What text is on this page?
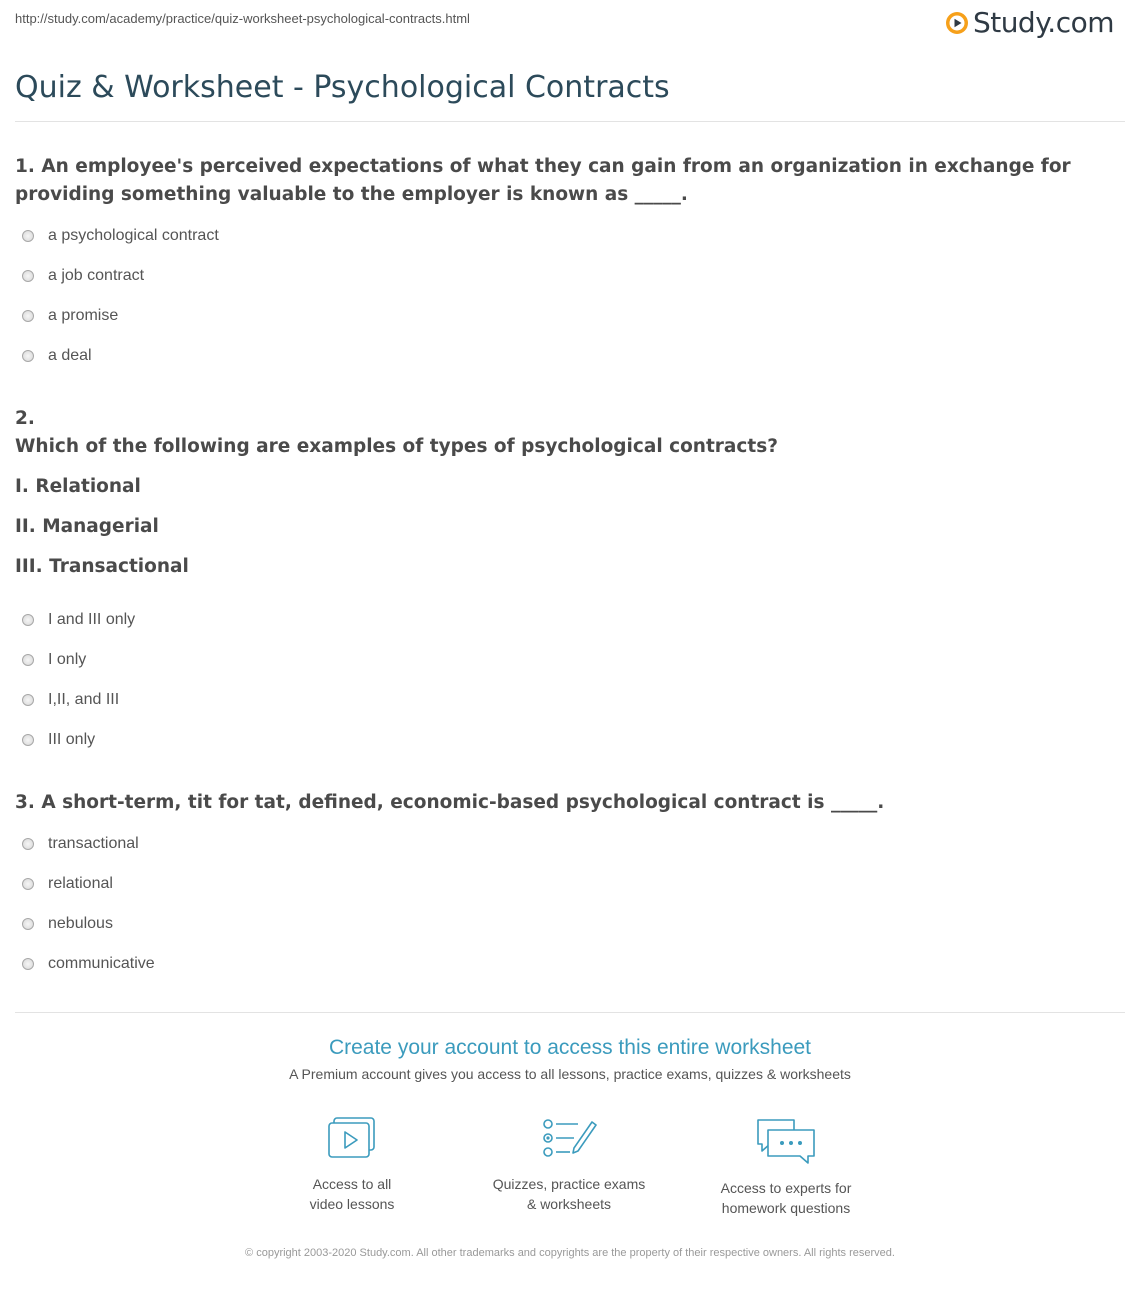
http://study.com/academy/practice/quiz-worksheet-psychological-contracts.html	Study.com
Quiz & Worksheet - Psychological Contracts
1. An employee's perceived expectations of what they can gain from an organization in exchange for providing something valuable to the employer is known as _____.
a psychological contract
a job contract
a promise
a deal
2.
Which of the following are examples of types of psychological contracts?
I. Relational
II. Managerial
III. Transactional
I and III only
I only
I,II, and III
III only
3. A short-term, tit for tat, defined, economic-based psychological contract is _____.
transactional
relational
nebulous
communicative
Create your account to access this entire worksheet
A Premium account gives you access to all lessons, practice exams, quizzes & worksheets
Access to all
video lessons
Quizzes, practice exams
& worksheets
Access to experts for
homework questions
© copyright 2003-2020 Study.com. All other trademarks and copyrights are the property of their respective owners. All rights reserved.
